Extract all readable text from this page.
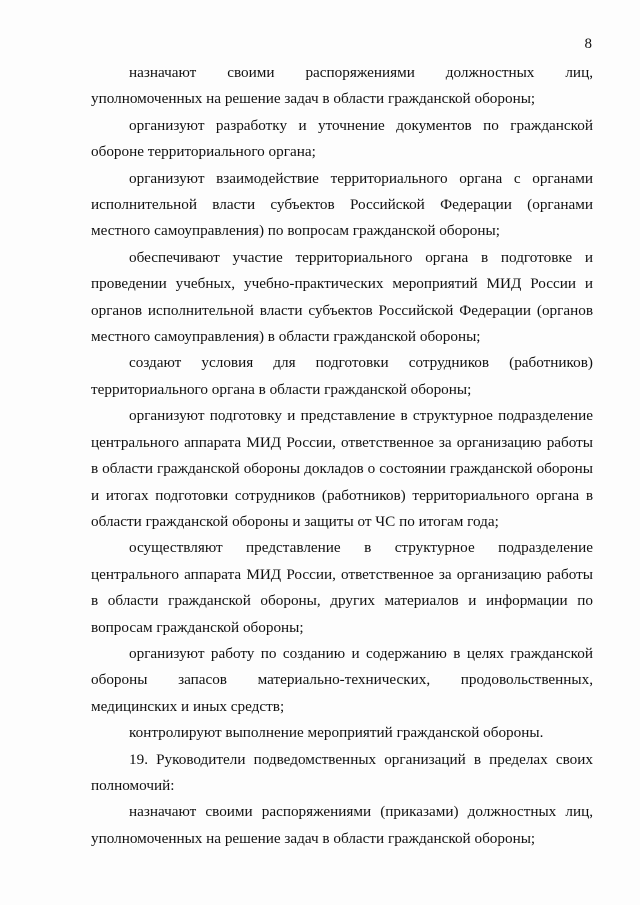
8

назначают своими распоряжениями должностных лиц, уполномоченных на решение задач в области гражданской обороны;

организуют разработку и уточнение документов по гражданской обороне территориального органа;

организуют взаимодействие территориального органа с органами исполнительной власти субъектов Российской Федерации (органами местного самоуправления) по вопросам гражданской обороны;

обеспечивают участие территориального органа в подготовке и проведении учебных, учебно-практических мероприятий МИД России и органов исполнительной власти субъектов Российской Федерации (органов местного самоуправления) в области гражданской обороны;

создают условия для подготовки сотрудников (работников) территориального органа в области гражданской обороны;

организуют подготовку и представление в структурное подразделение центрального аппарата МИД России, ответственное за организацию работы в области гражданской обороны докладов о состоянии гражданской обороны и итогах подготовки сотрудников (работников) территориального органа в области гражданской обороны и защиты от ЧС по итогам года;

осуществляют представление в структурное подразделение центрального аппарата МИД России, ответственное за организацию работы в области гражданской обороны, других материалов и информации по вопросам гражданской обороны;

организуют работу по созданию и содержанию в целях гражданской обороны запасов материально-технических, продовольственных, медицинских и иных средств;

контролируют выполнение мероприятий гражданской обороны.

19. Руководители подведомственных организаций в пределах своих полномочий:

назначают своими распоряжениями (приказами) должностных лиц, уполномоченных на решение задач в области гражданской обороны;
